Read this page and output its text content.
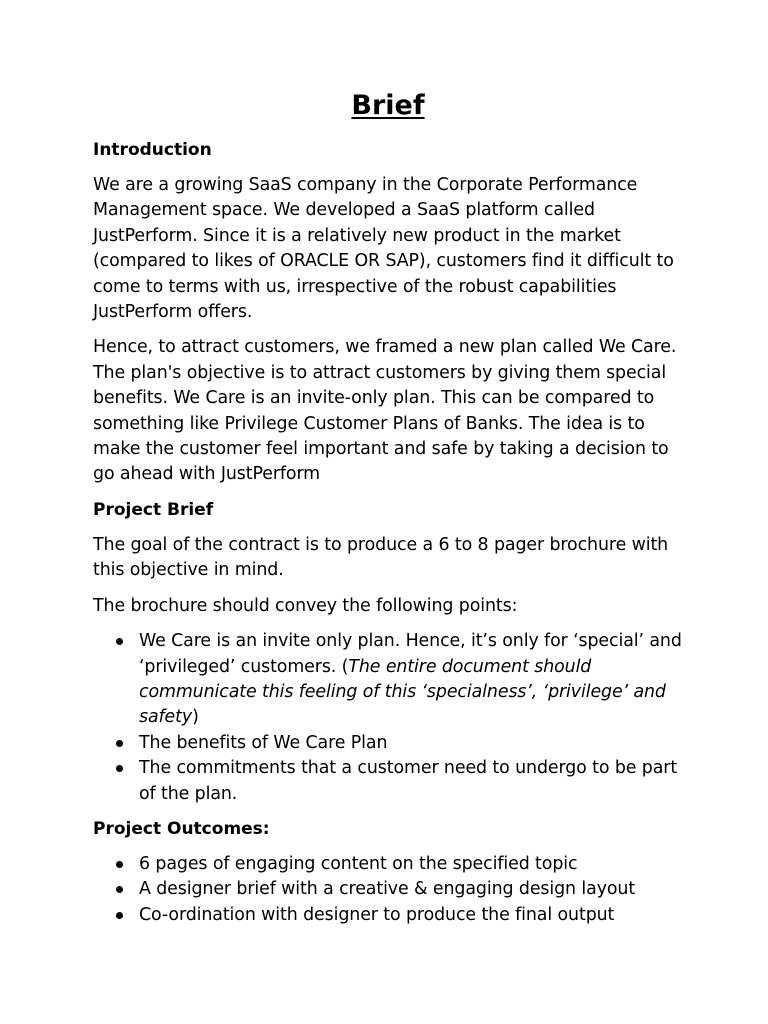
Brief
Introduction
We are a growing SaaS company in the Corporate Performance Management space. We developed a SaaS platform called JustPerform. Since it is a relatively new product in the market (compared to likes of ORACLE OR SAP), customers find it difficult to come to terms with us, irrespective of the robust capabilities JustPerform offers.
Hence, to attract customers, we framed a new plan called We Care. The plan's objective is to attract customers by giving them special benefits. We Care is an invite-only plan. This can be compared to something like Privilege Customer Plans of Banks. The idea is to make the customer feel important and safe by taking a decision to go ahead with JustPerform
Project Brief
The goal of the contract is to produce a 6 to 8 pager brochure with this objective in mind.
The brochure should convey the following points:
We Care is an invite only plan. Hence, it’s only for ‘special’ and ‘privileged’ customers. (The entire document should communicate this feeling of this ‘specialness’, ‘privilege’ and safety)
The benefits of We Care Plan
The commitments that a customer need to undergo to be part of the plan.
Project Outcomes:
6 pages of engaging content on the specified topic
A designer brief with a creative & engaging design layout
Co-ordination with designer to produce the final output
